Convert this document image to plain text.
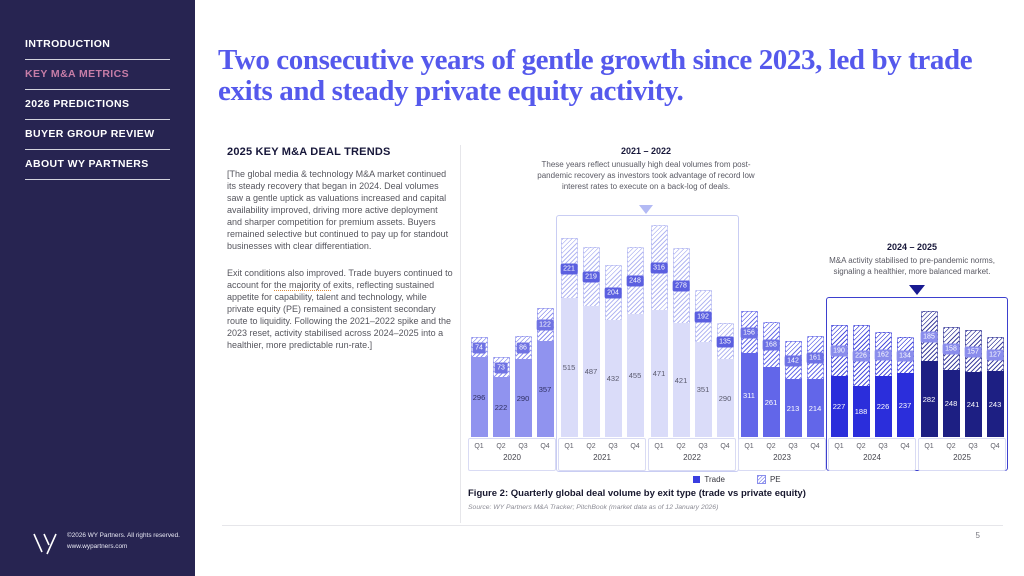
INTRODUCTION
KEY M&A METRICS
2026 PREDICTIONS
BUYER GROUP REVIEW
ABOUT WY PARTNERS
©2026 WY Partners. All rights reserved.
www.wypartners.com
Two consecutive years of gentle growth since 2023, led by trade exits and steady private equity activity.
2025 KEY M&A DEAL TRENDS

[The global media & technology M&A market continued its steady recovery that began in 2024. Deal volumes saw a gentle uptick as valuations increased and capital availability improved, driving more active deployment and sharper competition for premium assets. Buyers remained selective but continued to pay up for standout businesses with clear differentiation.

Exit conditions also improved. Trade buyers continued to account for the majority of exits, reflecting sustained appetite for capability, talent and technology, while private equity (PE) remained a consistent secondary route to liquidity. Following the 2021–2022 spike and the 2023 reset, activity stabilised across 2024–2025 into a healthier, more predictable run-rate.]

2021 – 2022
These years reflect unusually high deal volumes from post-pandemic recovery as investors took advantage of record low interest rates to execute on a back-log of deals.
2024 – 2025
M&A activity stabilised to pre-pandemic norms, signaling a healthier, more balanced market.
74
296
73
222
86
290
122
357
221
515
219
487
204
432
248
455
316
471
278
421
192
351
135
290
156
311
168
261
142
213
161
214
190
227
226
188
162
226
134
237
185
282
158
248
157
241
127
243
Q1	Q2	Q3	Q4
2020
Q1	Q2	Q3	Q4
2021
Q1	Q2	Q3	Q4
2022
Q1	Q2	Q3	Q4
2023
Q1	Q2	Q3	Q4
2024
Q1	Q2	Q3	Q4
2025
Trade	PE
Figure 2: Quarterly global deal volume by exit type (trade vs private equity)
Source: WY Partners M&A Tracker; PitchBook (market data as of 12 January 2026)
5
